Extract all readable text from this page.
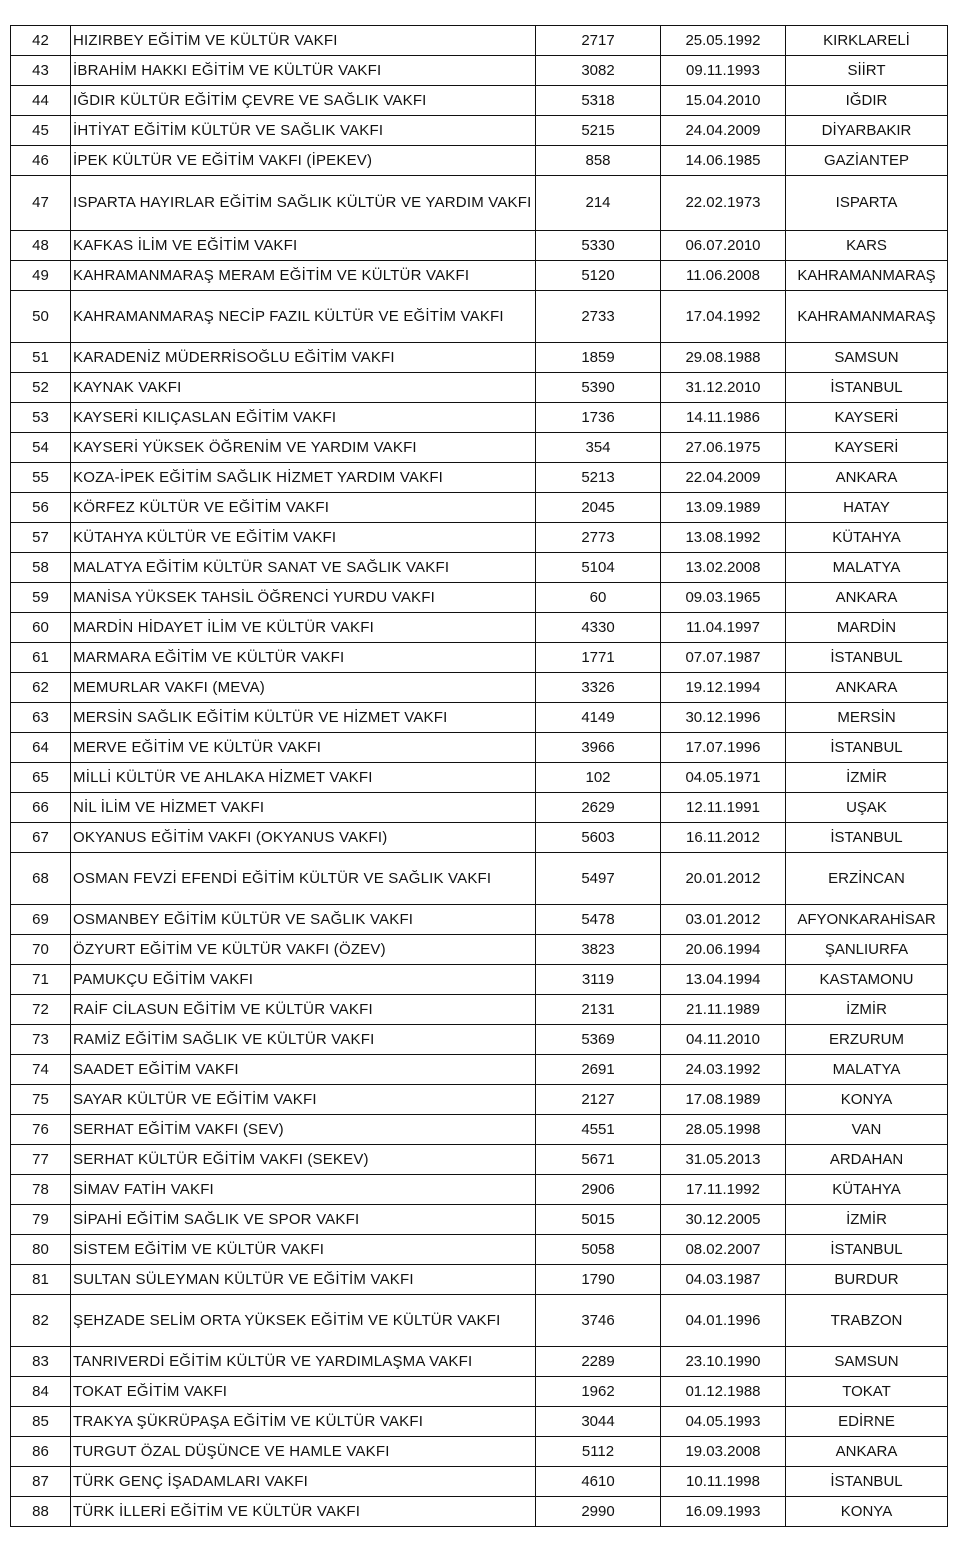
42	HIZIRBEY EĞİTİM VE KÜLTÜR VAKFI	2717	25.05.1992	KIRKLARELİ
43	İBRAHİM HAKKI EĞİTİM VE KÜLTÜR VAKFI	3082	09.11.1993	SİİRT
44	IĞDIR KÜLTÜR EĞİTİM ÇEVRE VE SAĞLIK VAKFI	5318	15.04.2010	IĞDIR
45	İHTİYAT EĞİTİM KÜLTÜR VE SAĞLIK VAKFI	5215	24.04.2009	DİYARBAKIR
46	İPEK KÜLTÜR VE EĞİTİM VAKFI (İPEKEV)	858	14.06.1985	GAZİANTEP
47	ISPARTA HAYIRLAR EĞİTİM SAĞLIK KÜLTÜR VE YARDIM VAKFI	214	22.02.1973	ISPARTA
48	KAFKAS İLİM VE EĞİTİM VAKFI	5330	06.07.2010	KARS
49	KAHRAMANMARAŞ MERAM EĞİTİM VE KÜLTÜR VAKFI	5120	11.06.2008	KAHRAMANMARAŞ
50	KAHRAMANMARAŞ NECİP FAZIL KÜLTÜR VE EĞİTİM VAKFI	2733	17.04.1992	KAHRAMANMARAŞ
51	KARADENİZ MÜDERRİSOĞLU EĞİTİM VAKFI	1859	29.08.1988	SAMSUN
52	KAYNAK VAKFI	5390	31.12.2010	İSTANBUL
53	KAYSERİ KILIÇASLAN EĞİTİM VAKFI	1736	14.11.1986	KAYSERİ
54	KAYSERİ YÜKSEK ÖĞRENİM VE YARDIM VAKFI	354	27.06.1975	KAYSERİ
55	KOZA-İPEK EĞİTİM SAĞLIK HİZMET YARDIM VAKFI	5213	22.04.2009	ANKARA
56	KÖRFEZ KÜLTÜR VE EĞİTİM VAKFI	2045	13.09.1989	HATAY
57	KÜTAHYA KÜLTÜR VE EĞİTİM VAKFI	2773	13.08.1992	KÜTAHYA
58	MALATYA EĞİTİM KÜLTÜR SANAT VE SAĞLIK VAKFI	5104	13.02.2008	MALATYA
59	MANİSA YÜKSEK TAHSİL ÖĞRENCİ YURDU VAKFI	60	09.03.1965	ANKARA
60	MARDİN HİDAYET İLİM VE KÜLTÜR VAKFI	4330	11.04.1997	MARDİN
61	MARMARA EĞİTİM VE KÜLTÜR VAKFI	1771	07.07.1987	İSTANBUL
62	MEMURLAR VAKFI (MEVA)	3326	19.12.1994	ANKARA
63	MERSİN SAĞLIK EĞİTİM KÜLTÜR VE HİZMET VAKFI	4149	30.12.1996	MERSİN
64	MERVE EĞİTİM VE KÜLTÜR VAKFI	3966	17.07.1996	İSTANBUL
65	MİLLİ KÜLTÜR VE AHLAKA HİZMET VAKFI	102	04.05.1971	İZMİR
66	NİL İLİM VE HİZMET VAKFI	2629	12.11.1991	UŞAK
67	OKYANUS EĞİTİM VAKFI (OKYANUS VAKFI)	5603	16.11.2012	İSTANBUL
68	OSMAN FEVZİ EFENDİ EĞİTİM KÜLTÜR VE SAĞLIK VAKFI	5497	20.01.2012	ERZİNCAN
69	OSMANBEY EĞİTİM KÜLTÜR VE SAĞLIK VAKFI	5478	03.01.2012	AFYONKARAHİSAR
70	ÖZYURT EĞİTİM VE KÜLTÜR VAKFI (ÖZEV)	3823	20.06.1994	ŞANLIURFA
71	PAMUKÇU EĞİTİM VAKFI	3119	13.04.1994	KASTAMONU
72	RAİF CİLASUN EĞİTİM VE KÜLTÜR VAKFI	2131	21.11.1989	İZMİR
73	RAMİZ EĞİTİM SAĞLIK VE KÜLTÜR VAKFI	5369	04.11.2010	ERZURUM
74	SAADET EĞİTİM VAKFI	2691	24.03.1992	MALATYA
75	SAYAR KÜLTÜR VE EĞİTİM VAKFI	2127	17.08.1989	KONYA
76	SERHAT EĞİTİM VAKFI (SEV)	4551	28.05.1998	VAN
77	SERHAT KÜLTÜR EĞİTİM VAKFI (SEKEV)	5671	31.05.2013	ARDAHAN
78	SİMAV FATİH VAKFI	2906	17.11.1992	KÜTAHYA
79	SİPAHİ EĞİTİM SAĞLIK VE SPOR VAKFI	5015	30.12.2005	İZMİR
80	SİSTEM EĞİTİM VE KÜLTÜR VAKFI	5058	08.02.2007	İSTANBUL
81	SULTAN SÜLEYMAN KÜLTÜR VE EĞİTİM VAKFI	1790	04.03.1987	BURDUR
82	ŞEHZADE SELİM ORTA YÜKSEK EĞİTİM VE KÜLTÜR VAKFI	3746	04.01.1996	TRABZON
83	TANRIVERDİ EĞİTİM KÜLTÜR VE YARDIMLAŞMA VAKFI	2289	23.10.1990	SAMSUN
84	TOKAT EĞİTİM VAKFI	1962	01.12.1988	TOKAT
85	TRAKYA ŞÜKRÜPAŞA EĞİTİM VE KÜLTÜR VAKFI	3044	04.05.1993	EDİRNE
86	TURGUT ÖZAL DÜŞÜNCE VE HAMLE VAKFI	5112	19.03.2008	ANKARA
87	TÜRK GENÇ İŞADAMLARI VAKFI	4610	10.11.1998	İSTANBUL
88	TÜRK İLLERİ EĞİTİM VE KÜLTÜR VAKFI	2990	16.09.1993	KONYA
